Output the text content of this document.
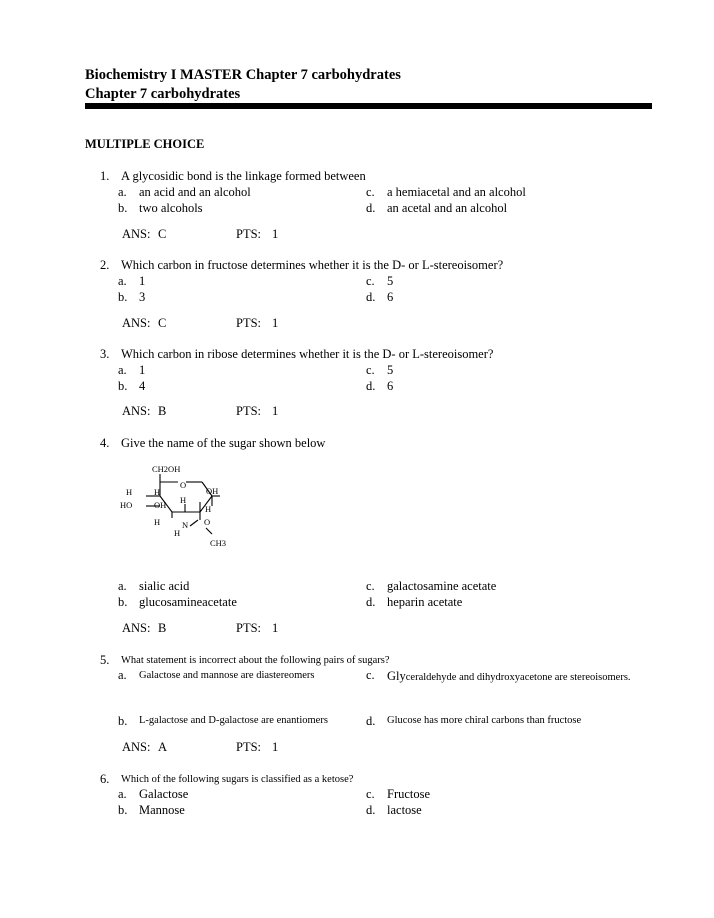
Biochemistry I MASTER Chapter 7 carbohydrates
Chapter 7 carbohydrates
MULTIPLE CHOICE
1. A glycosidic bond is the linkage formed between
a. an acid and an alcohol
b. two alcohols
c. a hemiacetal and an alcohol
d. an acetal and an alcohol
ANS: C	PTS: 1
2. Which carbon in fructose determines whether it is the D- or L-stereoisomer?
a. 1
b. 3
c. 5
d. 6
ANS: C	PTS: 1
3. Which carbon in ribose determines whether it is the D- or L-stereoisomer?
a. 1
b. 4
c. 5
d. 6
ANS: B	PTS: 1
4. Give the name of the sugar shown below
CH2OH
H	H
HO	OH H
O
OH
H
H	N
H
O
CH3
a. sialic acid
b. glucosamineacetate
c. galactosamine acetate
d. heparin acetate
ANS: B	PTS: 1
5. What statement is incorrect about the following pairs of sugars?
a. Galactose and mannose are diastereomers	c. Glyceraldehyde and dihydroxyacetone are stereoisomers.
b. L-galactose and D-galactose are enantiomers	d. Glucose has more chiral carbons than fructose
ANS: A	PTS: 1
6. Which of the following sugars is classified as a ketose?
a. Galactose
b. Mannose
c. Fructose
d. lactose
